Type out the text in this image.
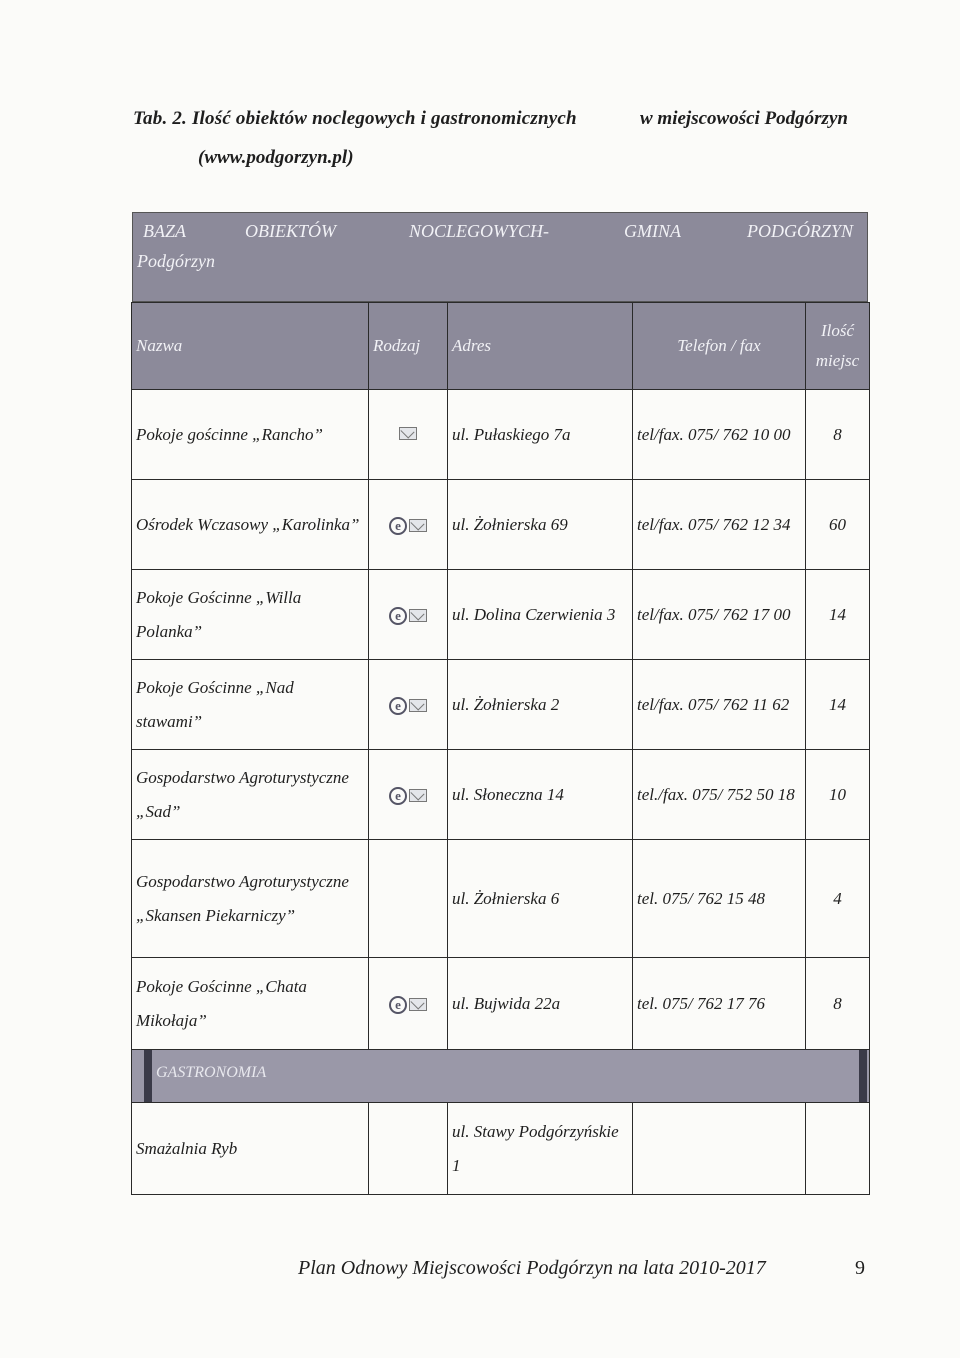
Tab. 2. Ilość obiektów noclegowych i gastronomicznych	w miejscowości Podgórzyn
(www.podgorzyn.pl)
BAZA	OBIEKTÓW	NOCLEGOWYCH-	GMINA	PODGÓRZYN
Podgórzyn
Nazwa	Rodzaj	Adres	Telefon / fax	Ilość miejsc
Pokoje gościnne „Rancho”		ul. Pułaskiego 7a	tel/fax. 075/ 762 10 00	8
Ośrodek Wczasowy „Karolinka”	e	ul. Żołnierska 69	tel/fax. 075/ 762 12 34	60
Pokoje Gościnne „Willa Polanka”	e	ul. Dolina Czerwienia 3	tel/fax. 075/ 762 17 00	14
Pokoje Gościnne „Nad stawami”	e	ul. Żołnierska 2	tel/fax. 075/ 762 11 62	14
Gospodarstwo Agroturystyczne „Sad”	e	ul. Słoneczna 14	tel./fax. 075/ 752 50 18	10
Gospodarstwo Agroturystyczne „Skansen Piekarniczy”		ul. Żołnierska 6	tel. 075/ 762 15 48	4
Pokoje Gościnne „Chata Mikołaja”	e	ul. Bujwida 22a	tel. 075/ 762 17 76	8

GASTRONOMIA				

Smażalnia Ryb		ul. Stawy Podgórzyńskie 1		
Plan Odnowy Miejscowości Podgórzyn na lata 2010-2017	9
